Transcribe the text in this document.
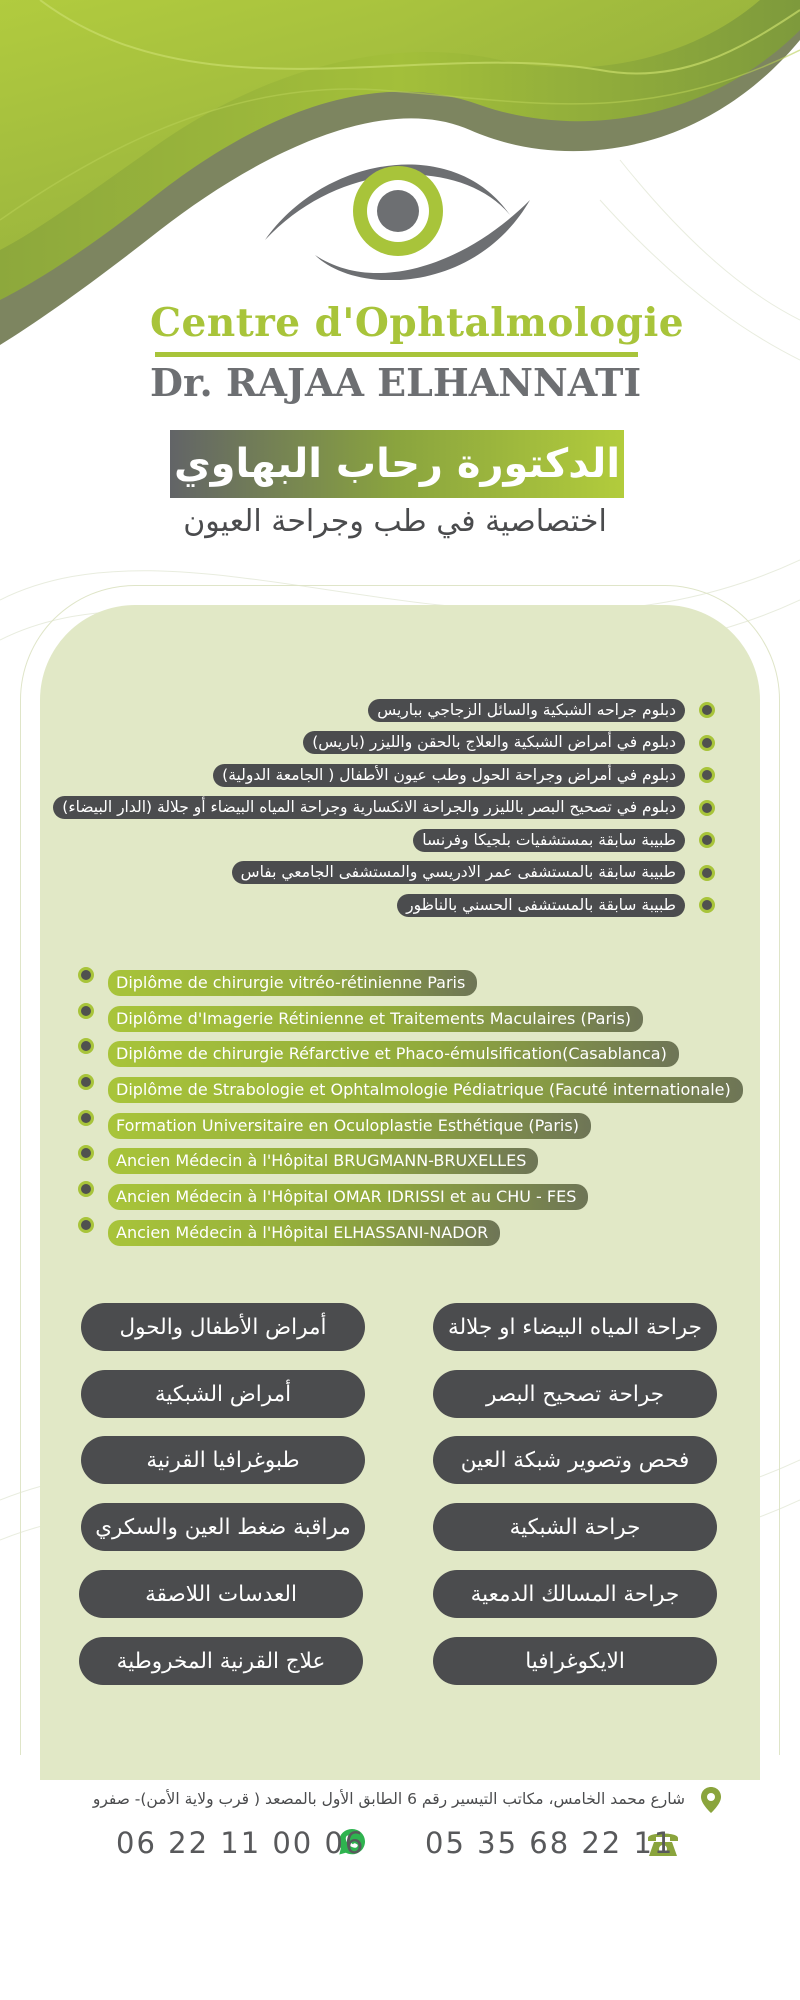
Centre d'Ophtalmologie
Dr. RAJAA ELHANNATI
الدكتورة رحاب البهاوي
اختصاصية في طب وجراحة العيون
دبلوم جراحه الشبكية والسائل الزجاجي بباريس
دبلوم في أمراض الشبكية والعلاج بالحقن والليزر (باريس)
دبلوم في أمراض وجراحة الحول وطب عيون الأطفال ( الجامعة الدولية)
دبلوم في تصحيح البصر بالليزر والجراحة الانكسارية وجراحة المياه البيضاء أو جلالة (الدار البيضاء)
طبيبة سابقة بمستشفيات بلجيكا وفرنسا
طبيبة سابقة بالمستشفى عمر الادريسي والمستشفى الجامعي بفاس
طبيبة سابقة بالمستشفى الحسني بالناظور
Diplôme de chirurgie vitréo-rétinienne Paris
Diplôme d'Imagerie Rétinienne et Traitements Maculaires (Paris)
Diplôme de chirurgie Réfarctive et Phaco-émulsification(Casablanca)
Diplôme de Strabologie et Ophtalmologie Pédiatrique (Facuté internationale)
Formation Universitaire en Oculoplastie Esthétique (Paris)
Ancien Médecin à l'Hôpital BRUGMANN-BRUXELLES
Ancien Médecin à l'Hôpital OMAR IDRISSI et au CHU - FES
Ancien Médecin à l'Hôpital ELHASSANI-NADOR
جراحة المياه البيضاء او جلالة
جراحة تصحيح البصر
فحص وتصوير شبكة العين
جراحة الشبكية
جراحة المسالك الدمعية
الايكوغرافيا
أمراض الأطفال والحول
أمراض الشبكية
طبوغرافيا القرنية
مراقبة ضغط العين والسكري
العدسات اللاصقة
علاج القرنية المخروطية
شارع محمد الخامس، مكاتب التيسير رقم 6 الطابق الأول بالمصعد ( قرب ولاية الأمن)- صفرو
05 35 68 22 11
06 22 11 00 06
